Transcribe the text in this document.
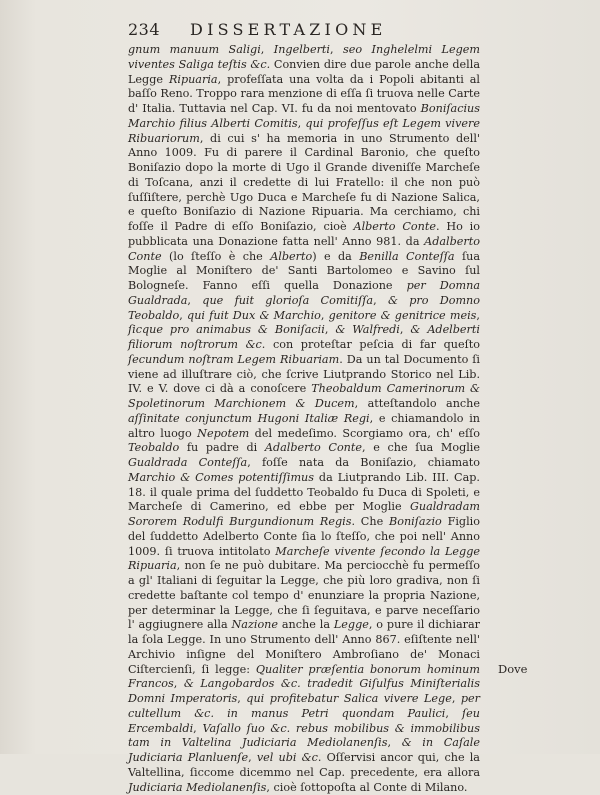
234 DISSERTAZIONE

gnum manuum Saligi, Ingelberti, seo Inghelelmi Legem viventes Saliga teſtis &c. Convien dire due parole anche della Legge Ripuaria, profeſſata una volta da i Popoli abitanti al baſſo Reno. Troppo rara menzione di eſſa ſi truova nelle Carte d' Italia. Tuttavia nel Cap. VI. fu da noi mentovato Boniſacius Marchio filius Alberti Comitis, qui profeſſus eſt Legem vivere Ribuariorum, di cui s' ha memoria in uno Strumento dell' Anno 1009. Fu di parere il Cardinal Baronio, che queſto Boniſazio dopo la morte di Ugo il Grande diveniſſe Marcheſe di Toſcana, anzi il credette di lui Fratello: il che non può ſuſſiſtere, perchè Ugo Duca e Marcheſe fu di Nazione Salica, e queſto Boniſazio di Nazione Ripuaria. Ma cerchiamo, chi foſſe il Padre di eſſo Boniſazio, cioè Alberto Conte. Ho io pubblicata una Donazione fatta nell' Anno 981. da Adalberto Conte (lo ſteſſo è che Alberto) e da Benilla Conteſſa ſua Moglie al Moniſtero de' Santi Bartolomeo e Savino ſul Bologneſe. Fanno eſſi quella Donazione per Domna Gualdrada, que fuit glorioſa Comitiſſa, & pro Domno Teobaldo, qui fuit Dux & Marchio, genitore & genitrice meis, ſicque pro animabus & Boniſacii, & Walfredi, & Adelberti filiorum noſtrorum &c. con proteſtar peſcia di far queſto ſecundum noſtram Legem Ribuariam. Da un tal Documento ſi viene ad illuſtrare ciò, che ſcrive Liutprando Storico nel Lib. IV. e V. dove ci dà a conoſcere Theobaldum Camerinorum & Spoletinorum Marchionem & Ducem, atteſtandolo anche aſſinitate conjunctum Hugoni Italiæ Regi, e chiamandolo in altro luogo Nepotem del medeſimo. Scorgiamo ora, ch' eſſo Teobaldo fu padre di Adalberto Conte, e che ſua Moglie Gualdrada Conteſſa, foſſe nata da Boniſazio, chiamato Marchio & Comes potentiſſimus da Liutprando Lib. III. Cap. 18. il quale prima del ſuddetto Teobaldo fu Duca di Spoleti, e Marcheſe di Camerino, ed ebbe per Moglie Gualdradam Sororem Rodulfi Burgundionum Regis. Che Boniſazio Figlio del ſuddetto Adelberto Conte ſia lo ſteſſo, che poi nell' Anno 1009. ſi truova intitolato Marcheſe vivente ſecondo la Legge Ripuaria, non ſe ne può dubitare. Ma perciocchè fu permeſſo a gl' Italiani di ſeguitar la Legge, che più loro gradiva, non ſi credette baſtante col tempo d' enunziare la propria Nazione, per determinar la Legge, che ſi ſeguitava, e parve neceſſario l' aggiugnere alla Nazione anche la Legge, o pure il dichiarar la ſola Legge. In uno Strumento dell' Anno 867. eſiſtente nell' Archivio inſigne del Moniſtero Ambroſiano de' Monaci Ciſtercienſi, ſi legge: Qualiter præſentia bonorum hominum Francos, & Langobardos &c. tradedit Giſulfus Miniſterialis Domni Imperatoris, qui profitebatur Salica vivere Lege, per cultellum &c. in manus Petri quondam Paulici, ſeu Ercembaldi, Vaſallo ſuo &c. rebus mobilibus & immobilibus tam in Valtelina Judiciaria Mediolanenſis, & in Caſale Judiciaria Planluenſe, vel ubi &c. Oſſervisi ancor qui, che la Valtellina, ſiccome dicemmo nel Cap. precedente, era allora Judiciaria Mediolanenſis, cioè ſottopoſta al Conte di Milano.

Dove
